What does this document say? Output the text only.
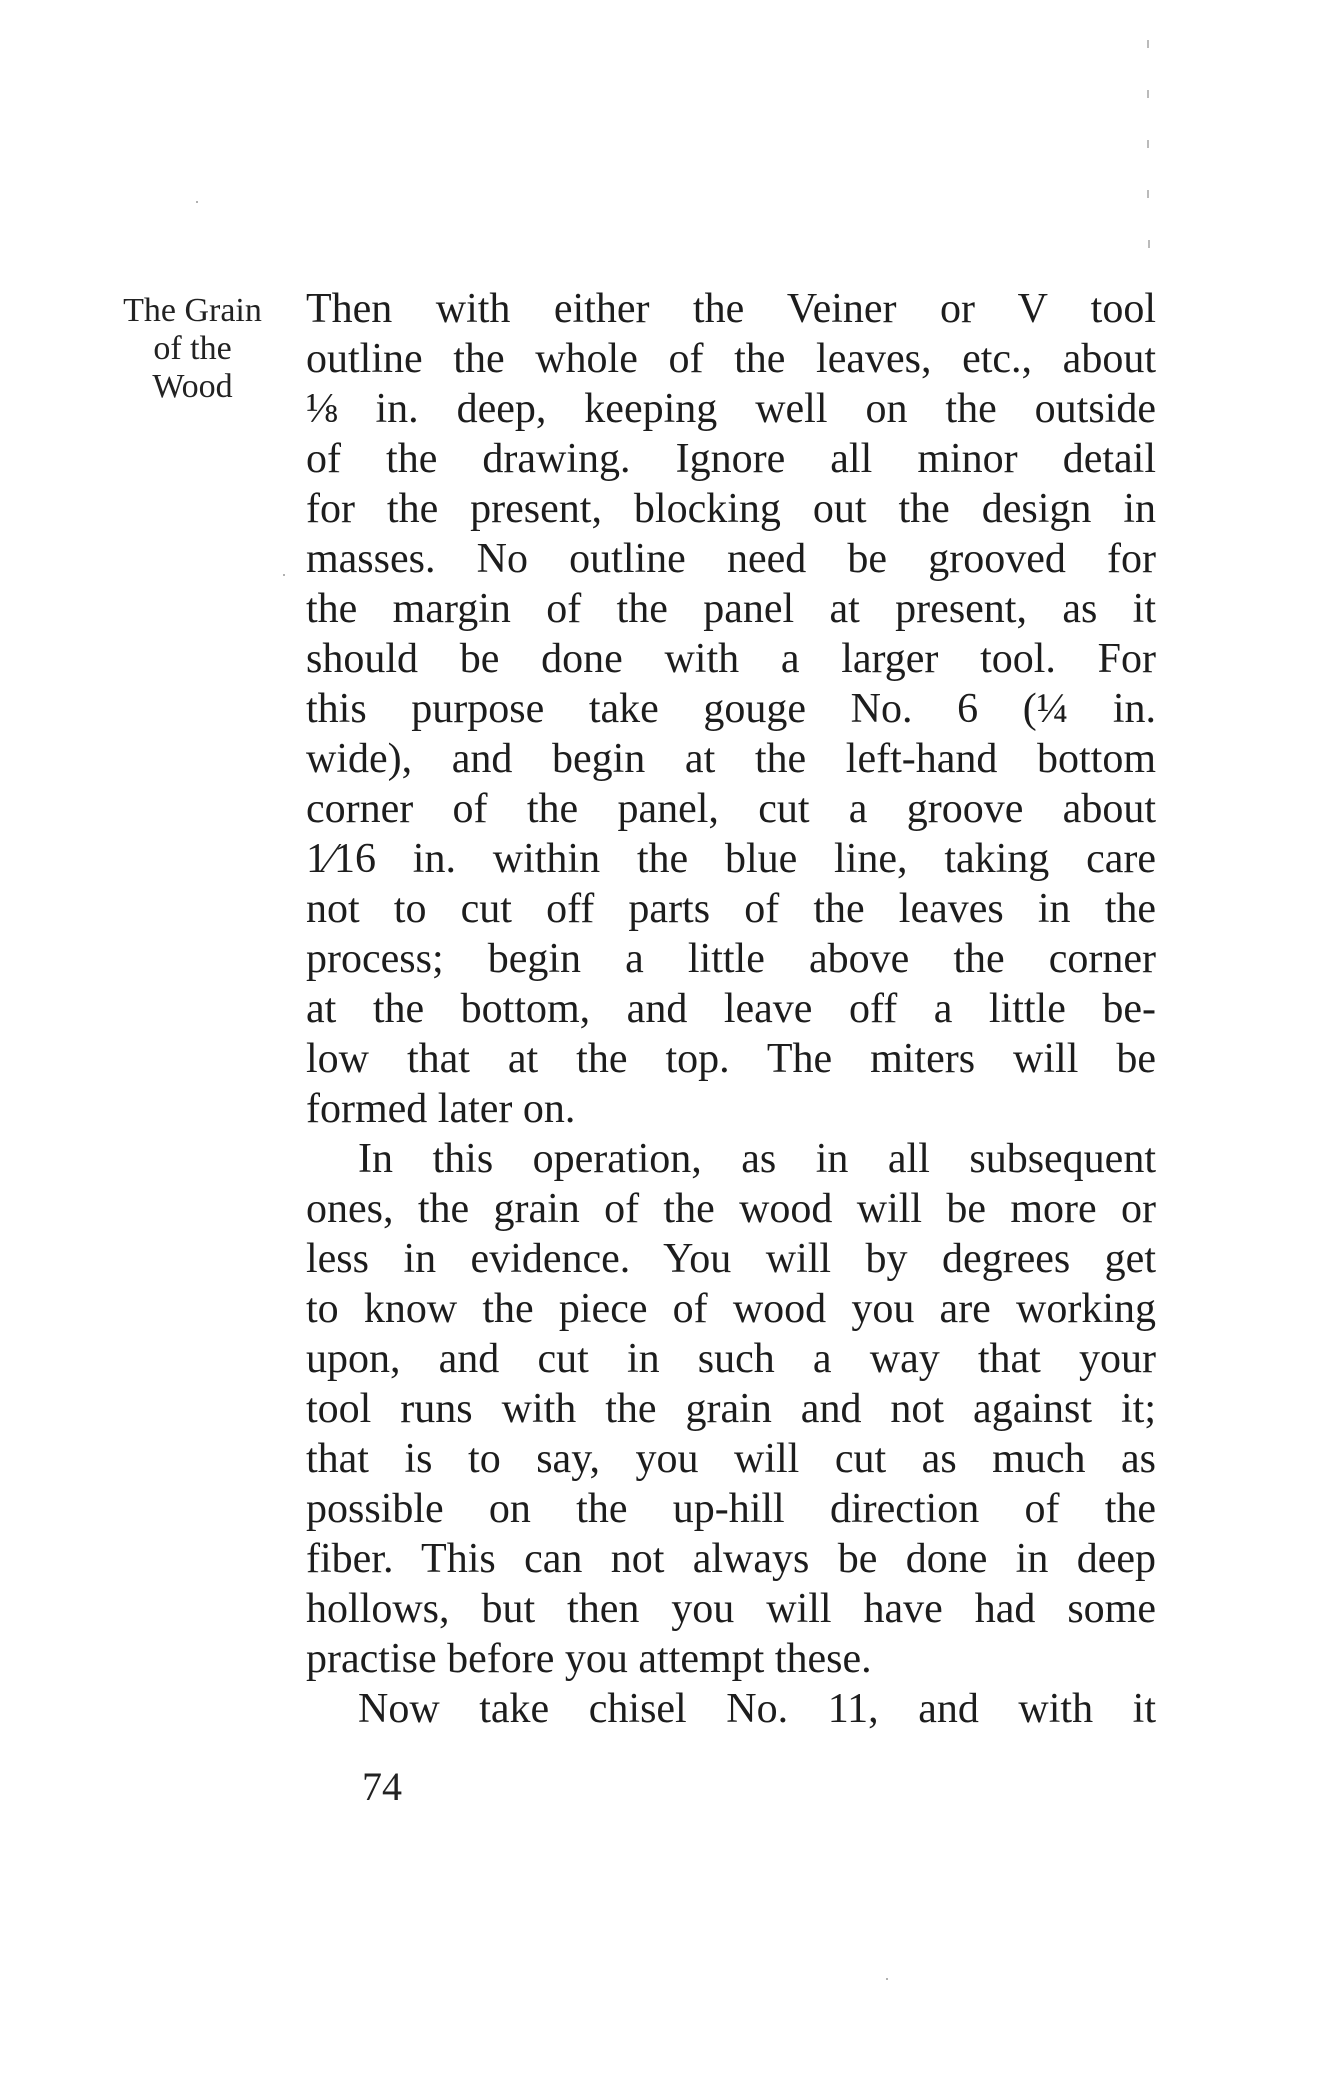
The Grain
of the
Wood
Then with either the Veiner or V tool
outline the whole of the leaves, etc., about
⅛ in. deep, keeping well on the outside
of the drawing. Ignore all minor detail
for the present, blocking out the design in
masses. No outline need be grooved for
the margin of the panel at present, as it
should be done with a larger tool. For
this purpose take gouge No. 6 (¼ in.
wide), and begin at the left-hand bottom
corner of the panel, cut a groove about
1⁄16 in. within the blue line, taking care
not to cut off parts of the leaves in the
process; begin a little above the corner
at the bottom, and leave off a little be-
low that at the top. The miters will be
formed later on.
In this operation, as in all subsequent
ones, the grain of the wood will be more or
less in evidence. You will by degrees get
to know the piece of wood you are working
upon, and cut in such a way that your
tool runs with the grain and not against it;
that is to say, you will cut as much as
possible on the up-hill direction of the
fiber. This can not always be done in deep
hollows, but then you will have had some
practise before you attempt these.
Now take chisel No. 11, and with it
74
